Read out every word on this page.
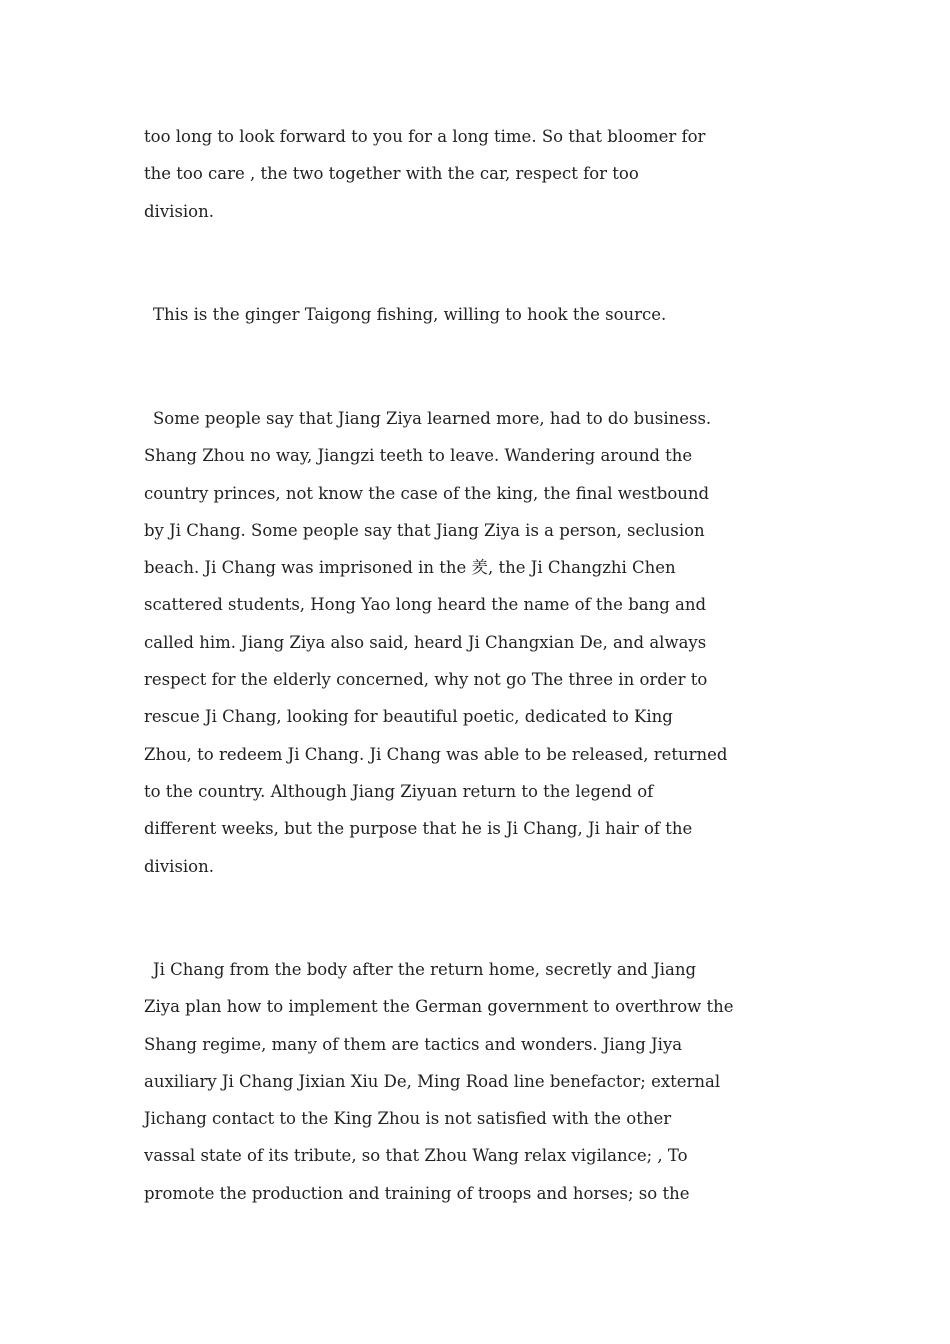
too long to look forward to you for a long time. So that bloomer for
the too care , the two together with the car, respect for too
division.
This is the ginger Taigong fishing, willing to hook the source.
Some people say that Jiang Ziya learned more, had to do business.
Shang Zhou no way, Jiangzi teeth to leave. Wandering around the
country princes, not know the case of the king, the final westbound
by Ji Chang. Some people say that Jiang Ziya is a person, seclusion
beach. Ji Chang was imprisoned in the 羑, the Ji Changzhi Chen
scattered students, Hong Yao long heard the name of the bang and
called him. Jiang Ziya also said, heard Ji Changxian De, and always
respect for the elderly concerned, why not go The three in order to
rescue Ji Chang, looking for beautiful poetic, dedicated to King
Zhou, to redeem Ji Chang. Ji Chang was able to be released, returned
to the country. Although Jiang Ziyuan return to the legend of
different weeks, but the purpose that he is Ji Chang, Ji hair of the
division.
Ji Chang from the body after the return home, secretly and Jiang
Ziya plan how to implement the German government to overthrow the
Shang regime, many of them are tactics and wonders. Jiang Jiya
auxiliary Ji Chang Jixian Xiu De, Ming Road line benefactor; external
Jichang contact to the King Zhou is not satisfied with the other
vassal state of its tribute, so that Zhou Wang relax vigilance; , To
promote the production and training of troops and horses; so the
